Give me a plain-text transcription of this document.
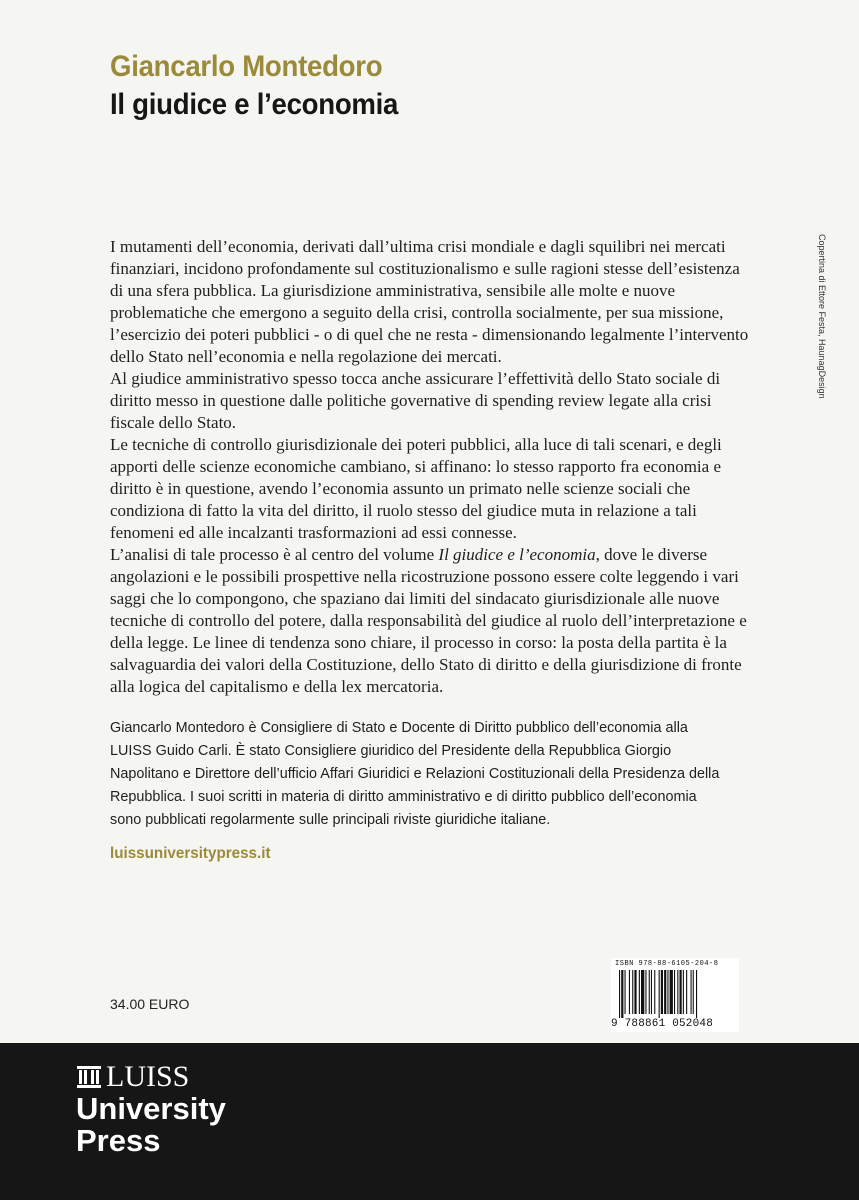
Giancarlo Montedoro
Il giudice e l’economia

I mutamenti dell’economia, derivati dall’ultima crisi mondiale e dagli squilibri nei mercati finanziari, incidono profondamente sul costituzionalismo e sulle ragioni stesse dell’esistenza di una sfera pubblica. La giurisdizione amministrativa, sensibile alle molte e nuove problematiche che emergono a seguito della crisi, controlla socialmente, per sua missione, l’esercizio dei poteri pubblici - o di quel che ne resta - dimensionando legalmente l’intervento dello Stato nell’economia e nella regolazione dei mercati.

Al giudice amministrativo spesso tocca anche assicurare l’effettività dello Stato sociale di diritto messo in questione dalle politiche governative di spending review legate alla crisi fiscale dello Stato.

Le tecniche di controllo giurisdizionale dei poteri pubblici, alla luce di tali scenari, e degli apporti delle scienze economiche cambiano, si affinano: lo stesso rapporto fra economia e diritto è in questione, avendo l’economia assunto un primato nelle scienze sociali che condiziona di fatto la vita del diritto, il ruolo stesso del giudice muta in relazione a tali fenomeni ed alle incalzanti trasformazioni ad essi connesse.

L’analisi di tale processo è al centro del volume Il giudice e l’economia, dove le diverse angolazioni e le possibili prospettive nella ricostruzione possono essere colte leggendo i vari saggi che lo compongono, che spaziano dai limiti del sindacato giurisdizionale alle nuove tecniche di controllo del potere, dalla responsabilità del giudice al ruolo dell’interpretazione e della legge. Le linee di tendenza sono chiare, il processo in corso: la posta della partita è la salvaguardia dei valori della Costituzione, dello Stato di diritto e della giurisdizione di fronte alla logica del capitalismo e della lex mercatoria.

Giancarlo Montedoro è Consigliere di Stato e Docente di Diritto pubblico dell’economia alla LUISS Guido Carli. È stato Consigliere giuridico del Presidente della Repubblica Giorgio Napolitano e Direttore dell’ufficio Affari Giuridici e Relazioni Costituzionali della Presidenza della Repubblica. I suoi scritti in materia di diritto amministrativo e di diritto pubblico dell’economia sono pubblicati regolarmente sulle principali riviste giuridiche italiane.
luissuniversitypress.it
Copertina di Ettore Festa, HaunagDesign
34.00 EURO
ISBN 978-88-6105-204-8
9 788861 052048
LUISS
University
Press
